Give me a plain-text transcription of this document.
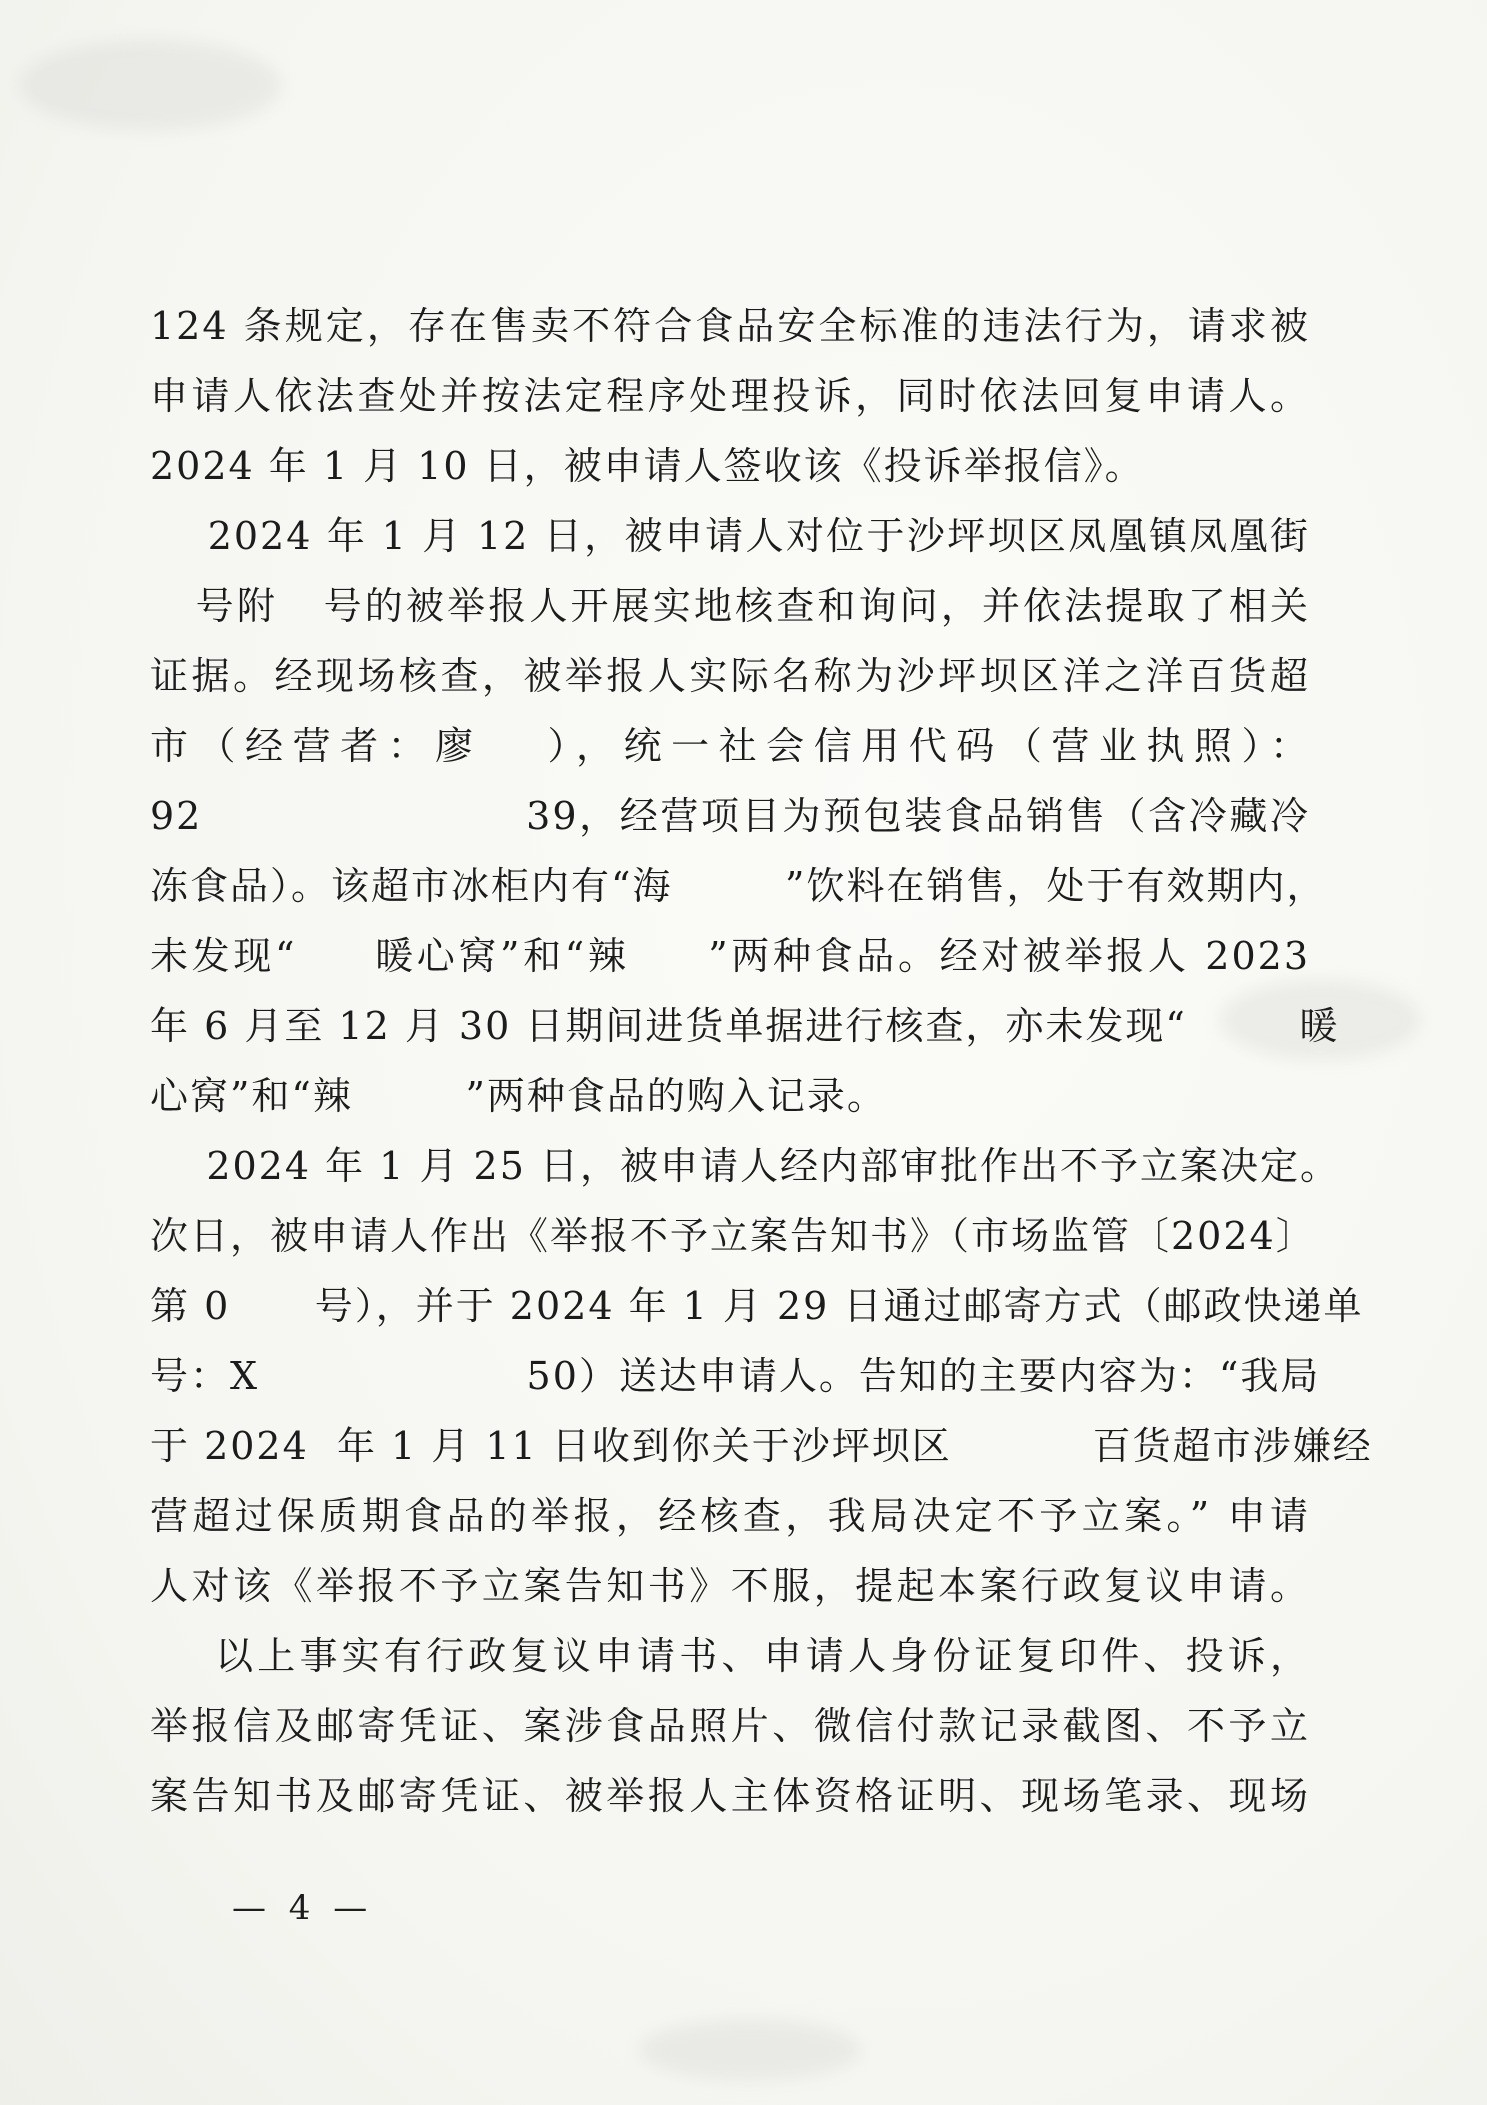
124 条规定，存在售卖不符合食品安全标准的违法行为，请求被
申请人依法查处并按法定程序处理投诉，同时依法回复申请人。
2024 年 1 月 10 日，被申请人签收该《投诉举报信》。
2024 年 1 月 12 日，被申请人对位于沙坪坝区凤凰镇凤凰街
号附   号的被举报人开展实地核查和询问，并依法提取了相关
证据。经现场核查，被举报人实际名称为沙坪坝区洋之洋百货超
市（经营者：廖   ），统一社会信用代码（营业执照）：
92                      39，经营项目为预包装食品销售（含冷藏冷
冻食品）。该超市冰柜内有“海        ”饮料在销售，处于有效期内，
未发现“     暖心窝”和“辣     ”两种食品。经对被举报人 2023
年 6 月至 12 月 30 日期间进货单据进行核查，亦未发现“        暖
心窝”和“辣        ”两种食品的购入记录。
2024 年 1 月 25 日，被申请人经内部审批作出不予立案决定。
次日，被申请人作出《举报不予立案告知书》（市场监管〔2024〕
第 0      号），并于 2024 年 1 月 29 日通过邮寄方式（邮政快递单
号：X                   50）送达申请人。告知的主要内容为：“我局
于 2024  年 1 月 11 日收到你关于沙坪坝区          百货超市涉嫌经
营超过保质期食品的举报，经核查，我局决定不予立案。” 申请
人对该《举报不予立案告知书》不服，提起本案行政复议申请。
以上事实有行政复议申请书、申请人身份证复印件、投诉，
举报信及邮寄凭证、案涉食品照片、微信付款记录截图、不予立
案告知书及邮寄凭证、被举报人主体资格证明、现场笔录、现场
— 4 —
